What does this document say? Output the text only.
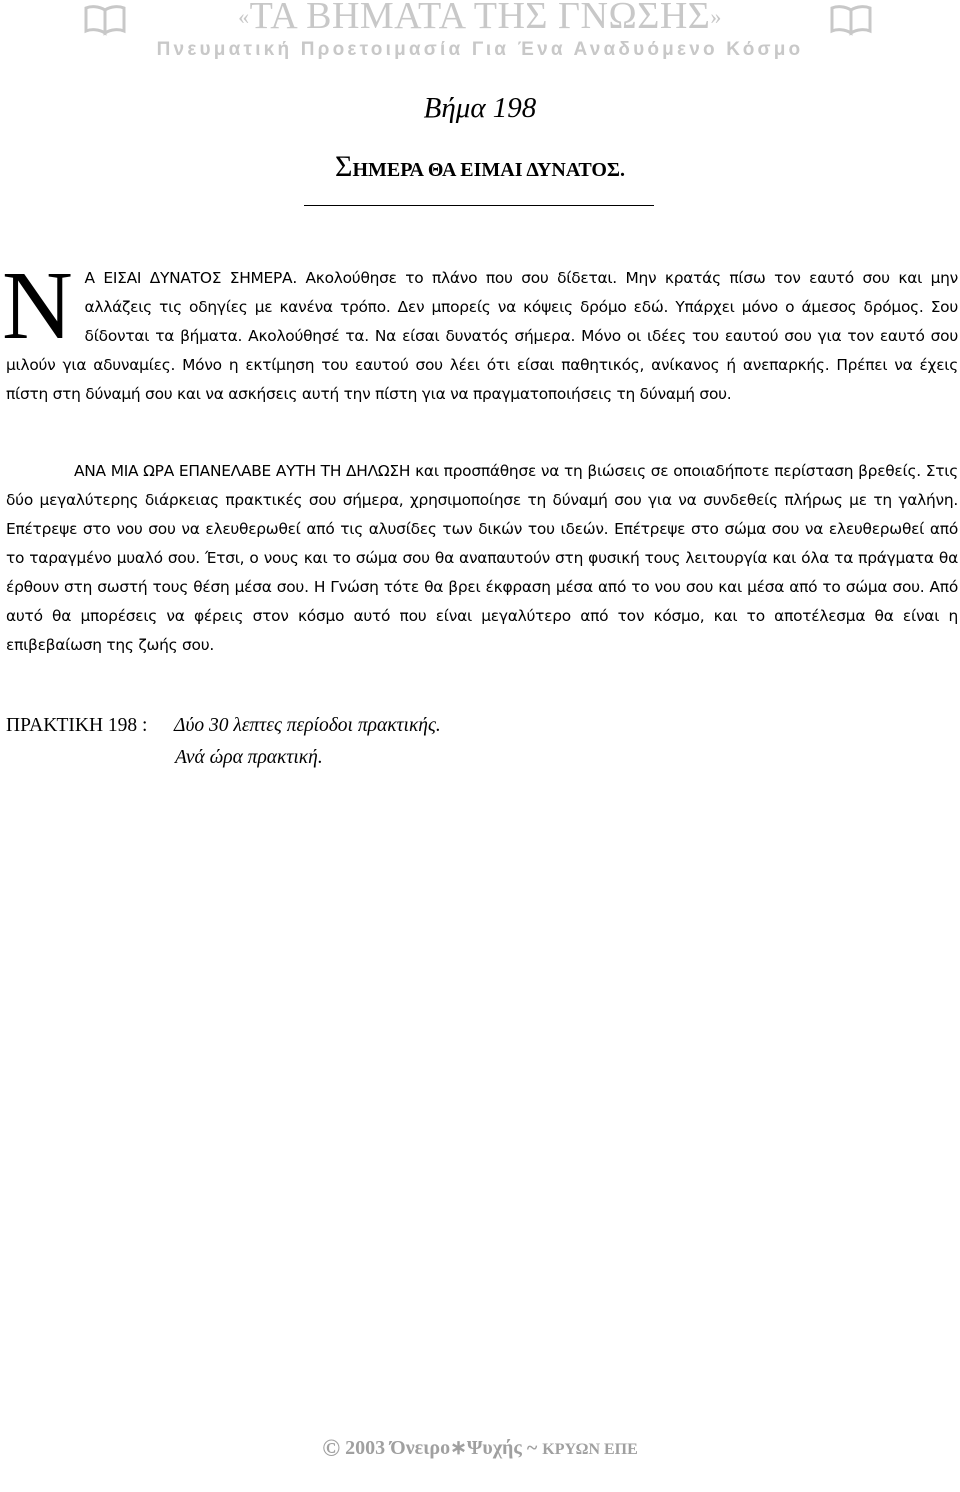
«ΤΑ ΒΗΜΑΤΑ ΤΗΣ ΓΝΩΣΗΣ»
Πνευματική Προετοιμασία Για Ένα Αναδυόμενο Κόσμο
Βήμα 198
ΣΗΜΕΡΑ ΘΑ ΕΙΜΑΙ ΔΥΝΑΤΟΣ.
Ν Α ΕΙΣΑΙ ΔΥΝΑΤΟΣ ΣΗΜΕΡΑ. Ακολούθησε το πλάνο που σου δίδεται. Μην κρατάς πίσω τον εαυτό σου και μην αλλάζεις τις οδηγίες με κανένα τρόπο. Δεν μπορείς να κόψεις δρόμο εδώ. Υπάρχει μόνο ο άμεσος δρόμος. Σου δίδονται τα βήματα. Ακολούθησέ τα. Να είσαι δυνατός σήμερα. Μόνο οι ιδέες του εαυτού σου για τον εαυτό σου μιλούν για αδυναμίες. Μόνο η εκτίμηση του εαυτού σου λέει ότι είσαι παθητικός, ανίκανος ή ανεπαρκής. Πρέπει να έχεις πίστη στη δύναμή σου και να ασκήσεις αυτή την πίστη για να πραγματοποιήσεις τη δύναμή σου.
ΑΝΑ ΜΙΑ ΩΡΑ ΕΠΑΝΕΛΑΒΕ ΑΥΤΗ ΤΗ ΔΗΛΩΣΗ και προσπάθησε να τη βιώσεις σε οποιαδήποτε περίσταση βρεθείς. Στις δύο μεγαλύτερης διάρκειας πρακτικές σου σήμερα, χρησιμοποίησε τη δύναμή σου για να συνδεθείς πλήρως με τη γαλήνη. Επέτρεψε στο νου σου να ελευθερωθεί από τις αλυσίδες των δικών του ιδεών. Επέτρεψε στο σώμα σου να ελευθερωθεί από το ταραγμένο μυαλό σου. Έτσι, ο νους και το σώμα σου θα αναπαυτούν στη φυσική τους λειτουργία και όλα τα πράγματα θα έρθουν στη σωστή τους θέση μέσα σου. Η Γνώση τότε θα βρει έκφραση μέσα από το νου σου και μέσα από το σώμα σου. Από αυτό θα μπορέσεις να φέρεις στον κόσμο αυτό που είναι μεγαλύτερο από τον κόσμο, και το αποτέλεσμα θα είναι η επιβεβαίωση της ζωής σου.
ΠΡΑΚΤΙΚΗ 198 : Δύο 30 λεπτες περίοδοι πρακτικής.
Ανά ώρα πρακτική.
© 2003 Όνειρο∗Ψυχής ~ ΚΡΥΩΝ ΕΠΕ
